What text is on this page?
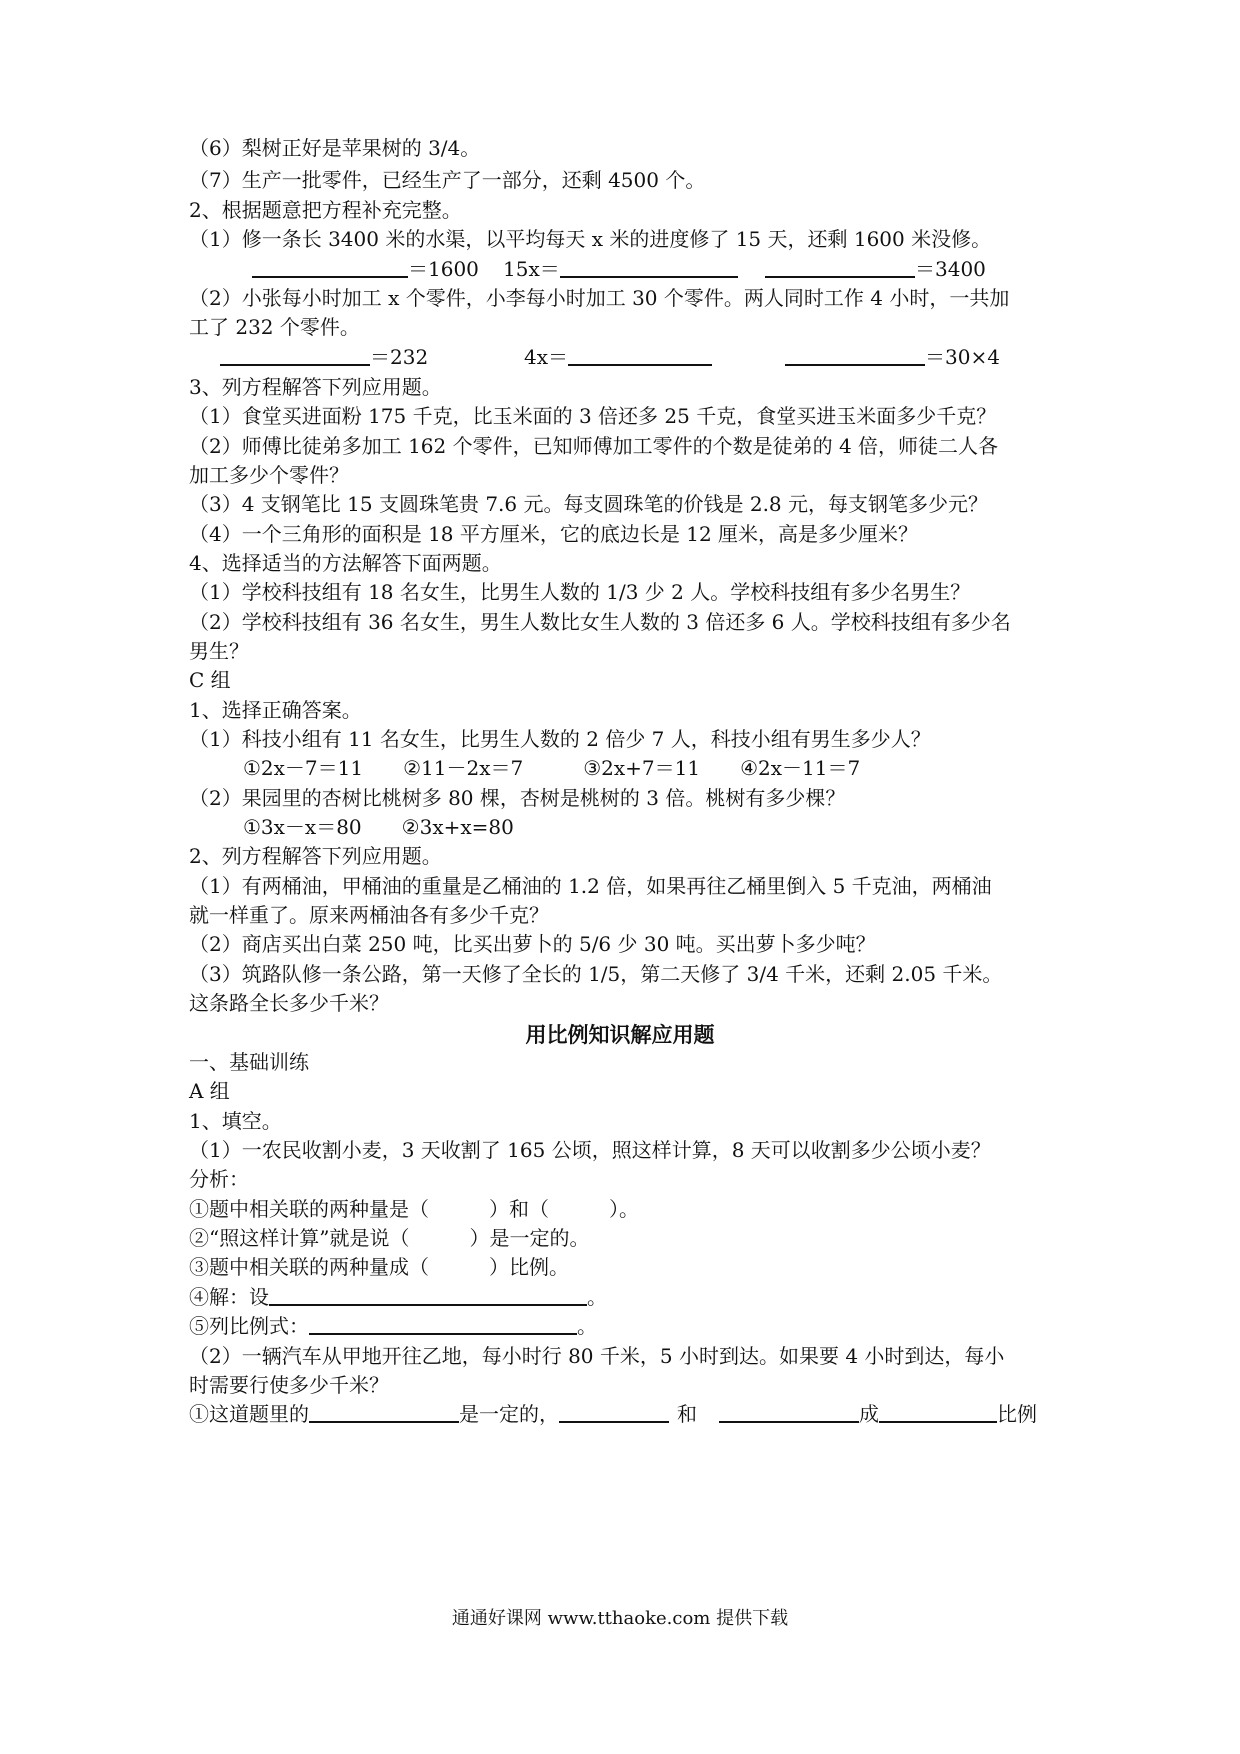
（6）梨树正好是苹果树的 3/4。
（7）生产一批零件，已经生产了一部分，还剩 4500 个。
2、根据题意把方程补充完整。
（1）修一条长 3400 米的水渠，以平均每天 x 米的进度修了 15 天，还剩 1600 米没修。
＝1600 15x＝	＝3400
（2）小张每小时加工 x 个零件，小李每小时加工 30 个零件。两人同时工作 4 小时，一共加
工了 232 个零件。
＝232	4x＝	＝30×4
3、列方程解答下列应用题。
（1）食堂买进面粉 175 千克，比玉米面的 3 倍还多 25 千克，食堂买进玉米面多少千克？
（2）师傅比徒弟多加工 162 个零件，已知师傅加工零件的个数是徒弟的 4 倍，师徒二人各
加工多少个零件？
（3）4 支钢笔比 15 支圆珠笔贵 7.6 元。每支圆珠笔的价钱是 2.8 元，每支钢笔多少元？
（4）一个三角形的面积是 18 平方厘米，它的底边长是 12 厘米，高是多少厘米？
4、选择适当的方法解答下面两题。
（1）学校科技组有 18 名女生，比男生人数的 1/3 少 2 人。学校科技组有多少名男生？
（2）学校科技组有 36 名女生，男生人数比女生人数的 3 倍还多 6 人。学校科技组有多少名
男生？
C 组
1、选择正确答案。
（1）科技小组有 11 名女生，比男生人数的 2 倍少 7 人，科技小组有男生多少人？
①2x－7＝11　　②11－2x＝7　　　③2x+7＝11　　④2x－11＝7
（2）果园里的杏树比桃树多 80 棵，杏树是桃树的 3 倍。桃树有多少棵？
①3x－x＝80　　②3x+x=80
2、列方程解答下列应用题。
（1）有两桶油，甲桶油的重量是乙桶油的 1.2 倍，如果再往乙桶里倒入 5 千克油，两桶油
就一样重了。原来两桶油各有多少千克？
（2）商店买出白菜 250 吨，比买出萝卜的 5/6 少 30 吨。买出萝卜多少吨？
（3）筑路队修一条公路，第一天修了全长的 1/5，第二天修了 3/4 千米，还剩 2.05 千米。
这条路全长多少千米？
用比例知识解应用题
一、基础训练
A 组
1、填空。
（1）一农民收割小麦，3 天收割了 165 公顷，照这样计算，8 天可以收割多少公顷小麦？
分析：
①题中相关联的两种量是（　　　）和（　　　）。
②“照这样计算”就是说（　　　）是一定的。
③题中相关联的两种量成（　　　）比例。
④解：设	。
⑤列比例式：	。
（2）一辆汽车从甲地开往乙地，每小时行 80 千米，5 小时到达。如果要 4 小时到达，每小
时需要行使多少千米？
①这道题里的	是一定的，	和	成	比例
通通好课网 www.tthaoke.com 提供下载
